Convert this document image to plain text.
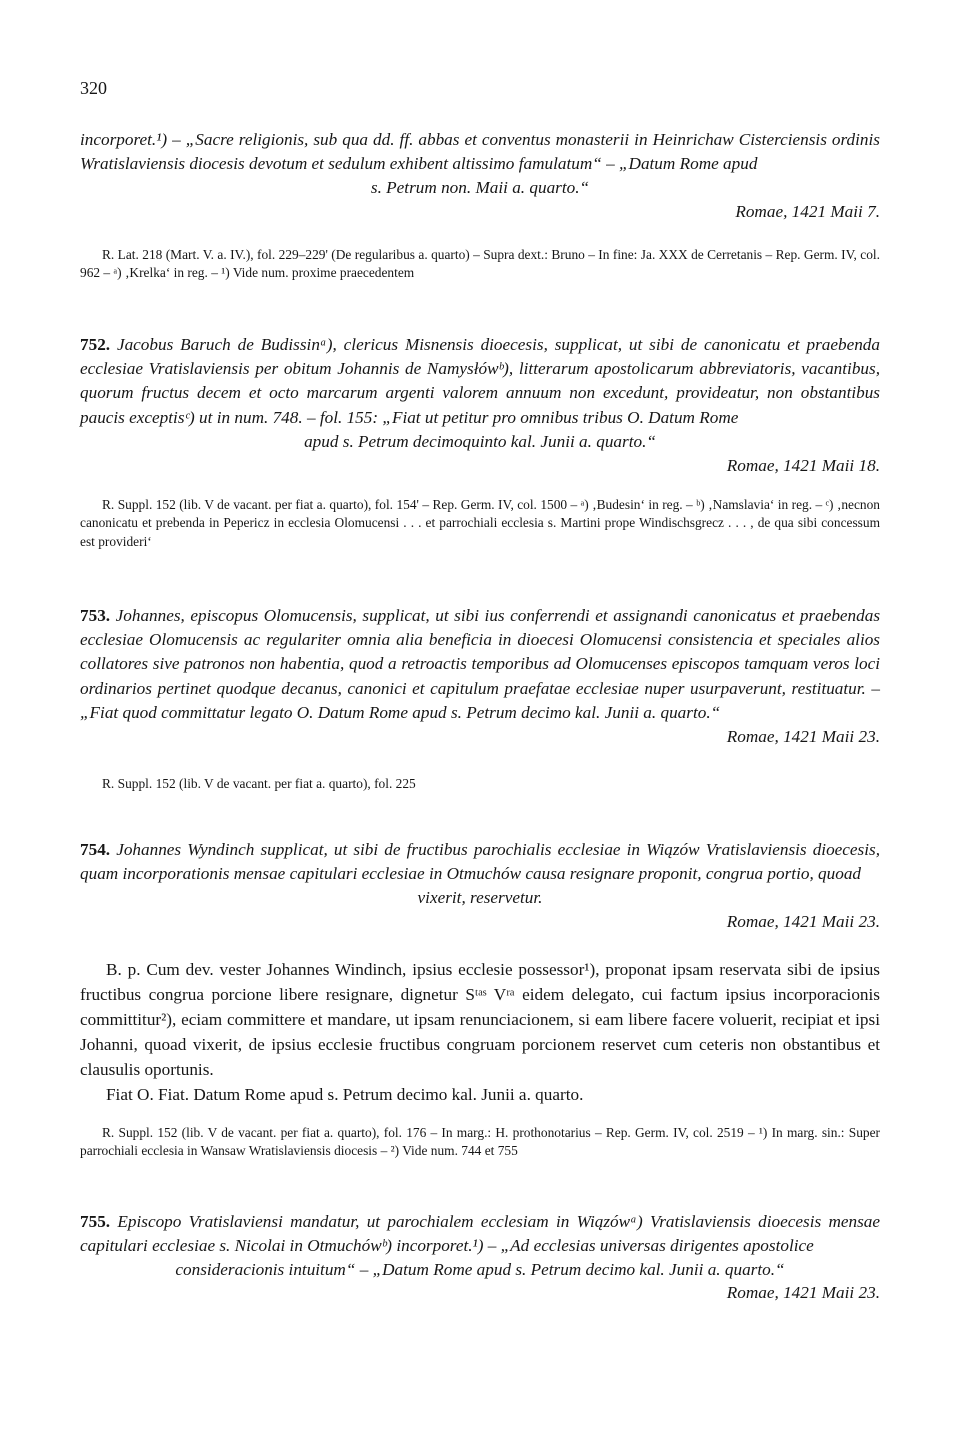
320
incorporet.¹) – „Sacre religionis, sub qua dd. ff. abbas et conventus monasterii in Heinrichaw Cisterciensis ordinis Wratislaviensis diocesis devotum et sedulum exhibent altissimo famulatum“ – „Datum Rome apud
s. Petrum non. Maii a. quarto.“
Romae, 1421 Maii 7.
R. Lat. 218 (Mart. V. a. IV.), fol. 229–229' (De regularibus a. quarto) – Supra dext.: Bruno – In fine: Ja. XXX de Cerretanis – Rep. Germ. IV, col. 962 – ᵃ) ‚Krelka‘ in reg. – ¹) Vide num. proxime praecedentem
752. Jacobus Baruch de Budissinᵃ), clericus Misnensis dioecesis, supplicat, ut sibi de canonicatu et praebenda ecclesiae Vratislaviensis per obitum Johannis de Namysłówᵇ), litterarum apostolicarum abbreviatoris, vacantibus, quorum fructus decem et octo marcarum argenti valorem annuum non excedunt, provideatur, non obstantibus paucis exceptisᶜ) ut in num. 748. – fol. 155: „Fiat ut petitur pro omnibus tribus O. Datum Rome
apud s. Petrum decimoquinto kal. Junii a. quarto.“
Romae, 1421 Maii 18.
R. Suppl. 152 (lib. V de vacant. per fiat a. quarto), fol. 154' – Rep. Germ. IV, col. 1500 – ᵃ) ‚Budesin‘ in reg. – ᵇ) ‚Namslavia‘ in reg. – ᶜ) ‚necnon canonicatu et prebenda in Pepericz in ecclesia Olomucensi . . . et parrochiali ecclesia s. Martini prope Windischsgrecz . . . , de qua sibi concessum est provideri‘
753. Johannes, episcopus Olomucensis, supplicat, ut sibi ius conferrendi et assignandi canonicatus et praebendas ecclesiae Olomucensis ac regulariter omnia alia beneficia in dioecesi Olomucensi consistencia et speciales alios collatores sive patronos non habentia, quod a retroactis temporibus ad Olomucenses episcopos tamquam veros loci ordinarios pertinet quodque decanus, canonici et capitulum praefatae ecclesiae nuper usurpaverunt, restituatur. – „Fiat quod committatur legato O. Datum Rome apud s. Petrum decimo kal. Junii a. quarto.“
Romae, 1421 Maii 23.
R. Suppl. 152 (lib. V de vacant. per fiat a. quarto), fol. 225
754. Johannes Wyndinch supplicat, ut sibi de fructibus parochialis ecclesiae in Wiązów Vratislaviensis dioecesis, quam incorporationis mensae capitulari ecclesiae in Otmuchów causa resignare proponit, congrua portio, quoad
vixerit, reservetur.
Romae, 1421 Maii 23.

B. p. Cum dev. vester Johannes Windinch, ipsius ecclesie possessor¹), proponat ipsam reservata sibi de ipsius fructibus congrua porcione libere resignare, dignetur Sᵗᵃˢ Vʳᵃ eidem delegato, cui factum ipsius incorporacionis committitur²), eciam committere et mandare, ut ipsam renunciacionem, si eam libere facere voluerit, recipiat et ipsi Johanni, quoad vixerit, de ipsius ecclesie fructibus congruam porcionem reservet cum ceteris non obstantibus et clausulis oportunis.

Fiat O. Fiat. Datum Rome apud s. Petrum decimo kal. Junii a. quarto.

R. Suppl. 152 (lib. V de vacant. per fiat a. quarto), fol. 176 – In marg.: H. prothonotarius – Rep. Germ. IV, col. 2519 – ¹) In marg. sin.: Super parrochiali ecclesia in Wansaw Wratislaviensis diocesis – ²) Vide num. 744 et 755
755. Episcopo Vratislaviensi mandatur, ut parochialem ecclesiam in Wiązówᵃ) Vratislaviensis dioecesis mensae capitulari ecclesiae s. Nicolai in Otmuchówᵇ) incorporet.¹) – „Ad ecclesias universas dirigentes apostolice
consideracionis intuitum“ – „Datum Rome apud s. Petrum decimo kal. Junii a. quarto.“
Romae, 1421 Maii 23.
